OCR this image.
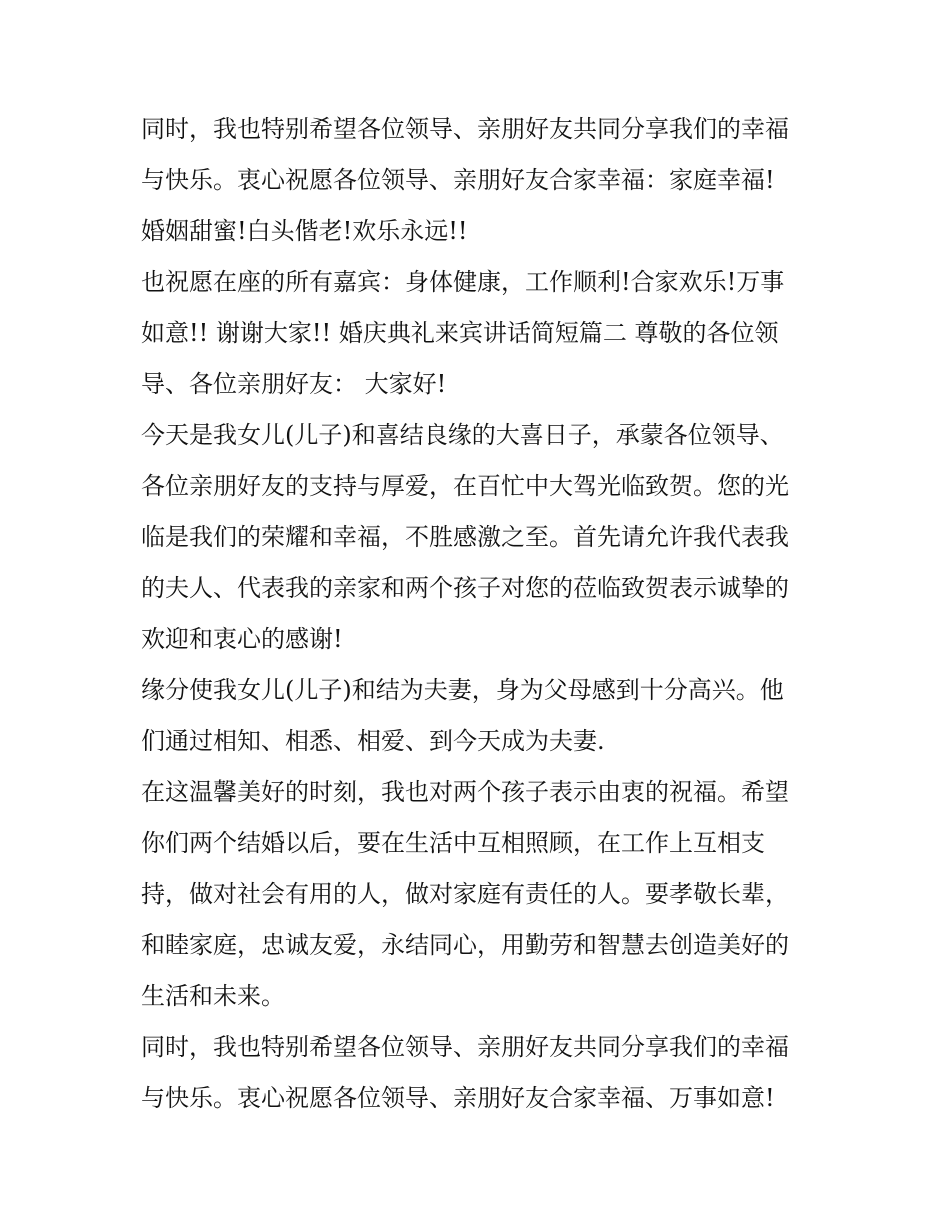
同时，我也特别希望各位领导、亲朋好友共同分享我们的幸福
与快乐。衷心祝愿各位领导、亲朋好友合家幸福：家庭幸福!
婚姻甜蜜!白头偕老!欢乐永远!!
也祝愿在座的所有嘉宾：身体健康，工作顺利!合家欢乐!万事
如意!! 谢谢大家!! 婚庆典礼来宾讲话简短篇二 尊敬的各位领
导、各位亲朋好友： 大家好!
今天是我女儿(儿子)和喜结良缘的大喜日子，承蒙各位领导、
各位亲朋好友的支持与厚爱，在百忙中大驾光临致贺。您的光
临是我们的荣耀和幸福，不胜感激之至。首先请允许我代表我
的夫人、代表我的亲家和两个孩子对您的莅临致贺表示诚挚的
欢迎和衷心的感谢!
缘分使我女儿(儿子)和结为夫妻，身为父母感到十分高兴。他
们通过相知、相悉、相爱、到今天成为夫妻.
在这温馨美好的时刻，我也对两个孩子表示由衷的祝福。希望
你们两个结婚以后，要在生活中互相照顾，在工作上互相支
持，做对社会有用的人，做对家庭有责任的人。要孝敬长辈，
和睦家庭，忠诚友爱，永结同心，用勤劳和智慧去创造美好的
生活和未来。
同时，我也特别希望各位领导、亲朋好友共同分享我们的幸福
与快乐。衷心祝愿各位领导、亲朋好友合家幸福、万事如意!
